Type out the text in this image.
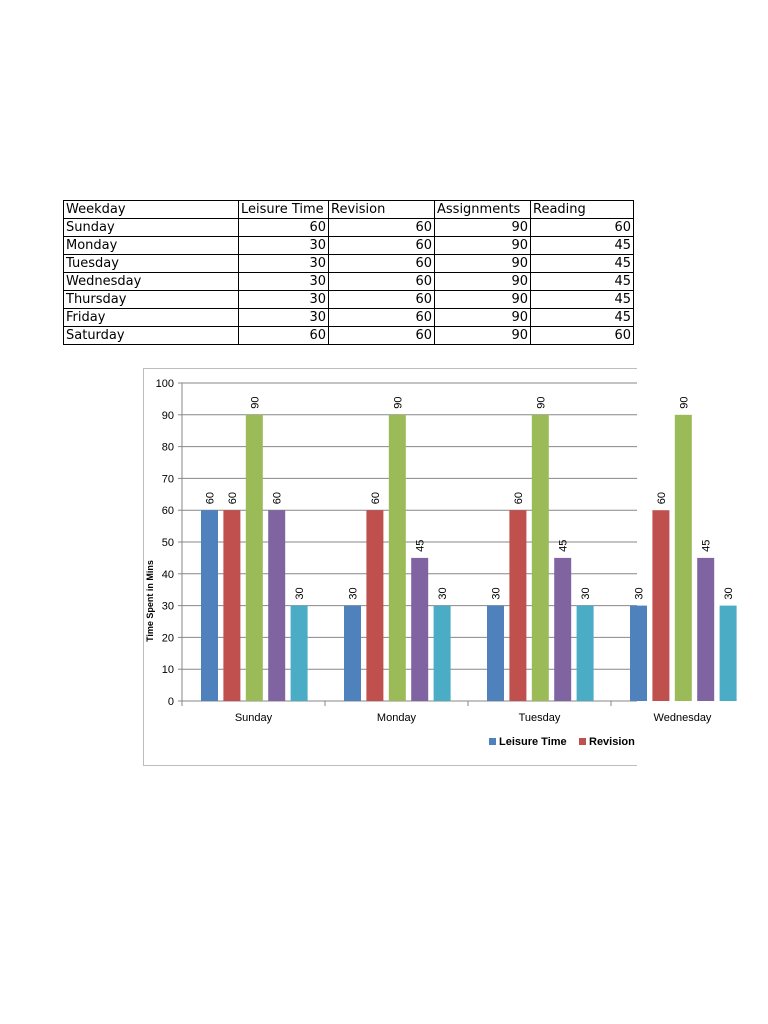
Weekday	Leisure Time	Revision	Assignments	Reading
Sunday	60	60	90	60
Monday	30	60	90	45
Tuesday	30	60	90	45
Wednesday	30	60	90	45
Thursday	30	60	90	45
Friday	30	60	90	45
Saturday	60	60	90	60
0
10
20
30
40
50
60
70
80
90
100
Sunday	Monday	Tuesday	Wednesday
60 60
90
60
30	30
60
90
45
30	30
60
90
45
30	30
60
90
45
30
Time Spent in Mins
Leisure Time Revision
